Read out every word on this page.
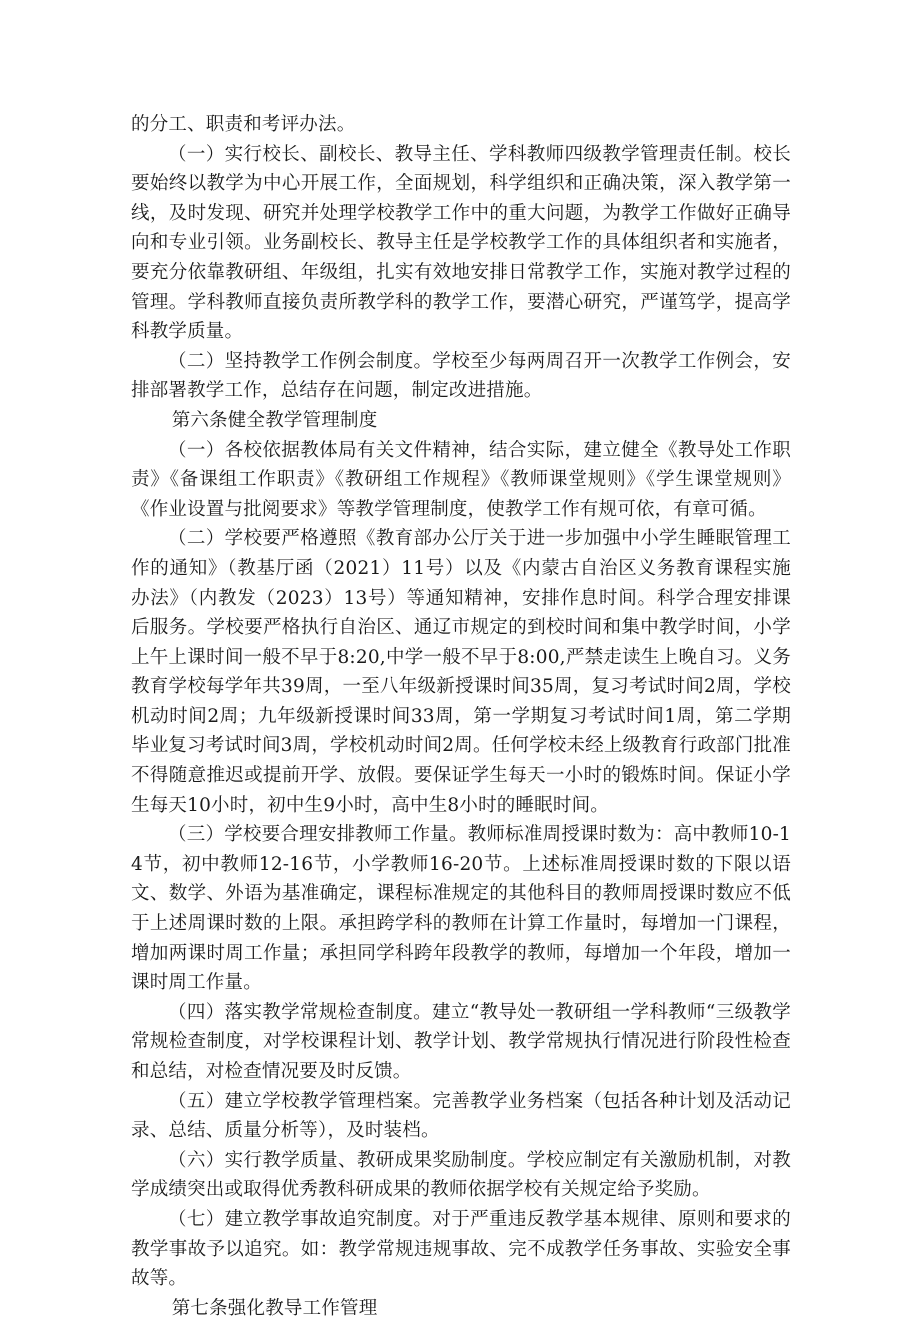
的分工、职责和考评办法。

（一）实行校长、副校长、教导主任、学科教师四级教学管理责任制。校长要始终以教学为中心开展工作，全面规划，科学组织和正确决策，深入教学第一线，及时发现、研究并处理学校教学工作中的重大问题，为教学工作做好正确导向和专业引领。业务副校长、教导主任是学校教学工作的具体组织者和实施者，要充分依靠教研组、年级组，扎实有效地安排日常教学工作，实施对教学过程的管理。学科教师直接负责所教学科的教学工作，要潜心研究，严谨笃学，提高学科教学质量。

（二）坚持教学工作例会制度。学校至少每两周召开一次教学工作例会，安排部署教学工作，总结存在问题，制定改进措施。

第六条健全教学管理制度

（一）各校依据教体局有关文件精神，结合实际，建立健全《教导处工作职责》《备课组工作职责》《教研组工作规程》《教师课堂规则》《学生课堂规则》《作业设置与批阅要求》等教学管理制度，使教学工作有规可依，有章可循。

（二）学校要严格遵照《教育部办公厅关于进一步加强中小学生睡眠管理工作的通知》（教基厅函（2021）11号）以及《内蒙古自治区义务教育课程实施办法》（内教发（2023）13号）等通知精神，安排作息时间。科学合理安排课后服务。学校要严格执行自治区、通辽市规定的到校时间和集中教学时间，小学上午上课时间一般不早于8:20,中学一般不早于8:00,严禁走读生上晚自习。义务教育学校每学年共39周，一至八年级新授课时间35周，复习考试时间2周，学校机动时间2周；九年级新授课时间33周，第一学期复习考试时间1周，第二学期毕业复习考试时间3周，学校机动时间2周。任何学校未经上级教育行政部门批准不得随意推迟或提前开学、放假。要保证学生每天一小时的锻炼时间。保证小学生每天10小时，初中生9小时，高中生8小时的睡眠时间。

（三）学校要合理安排教师工作量。教师标准周授课时数为：高中教师10-14节，初中教师12-16节，小学教师16-20节。上述标准周授课时数的下限以语文、数学、外语为基准确定，课程标准规定的其他科目的教师周授课时数应不低于上述周课时数的上限。承担跨学科的教师在计算工作量时，每增加一门课程，增加两课时周工作量；承担同学科跨年段教学的教师，每增加一个年段，增加一课时周工作量。

（四）落实教学常规检查制度。建立“教导处一教研组一学科教师“三级教学常规检查制度，对学校课程计划、教学计划、教学常规执行情况进行阶段性检查和总结，对检查情况要及时反馈。

（五）建立学校教学管理档案。完善教学业务档案（包括各种计划及活动记录、总结、质量分析等），及时装档。

（六）实行教学质量、教研成果奖励制度。学校应制定有关激励机制，对教学成绩突出或取得优秀教科研成果的教师依据学校有关规定给予奖励。

（七）建立教学事故追究制度。对于严重违反教学基本规律、原则和要求的教学事故予以追究。如：教学常规违规事故、完不成教学任务事故、实验安全事故等。

第七条强化教导工作管理
